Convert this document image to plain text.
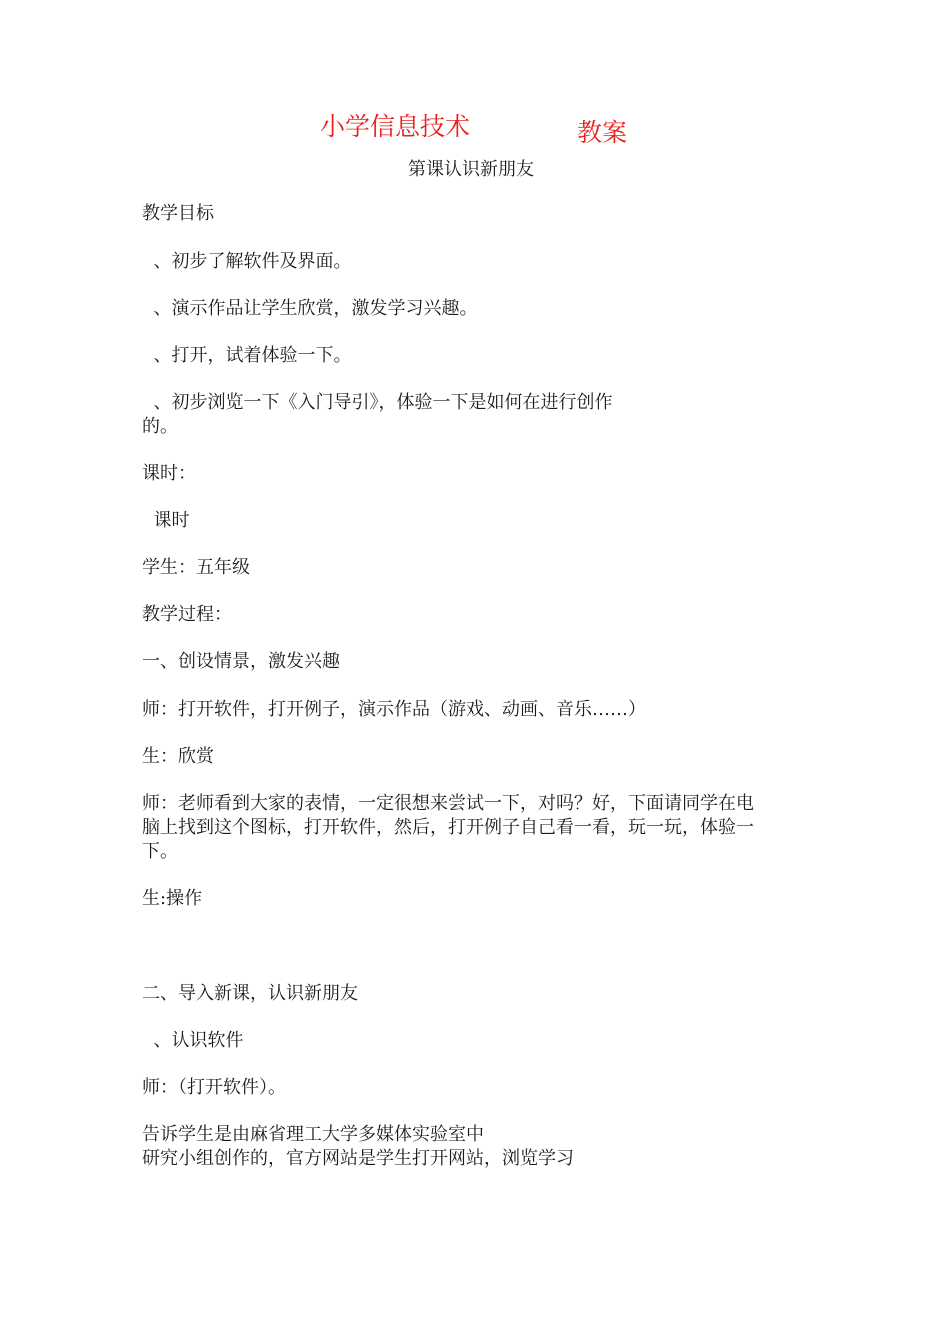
小学信息技术	教案
第课认识新朋友
教学目标
、初步了解软件及界面。
、演示作品让学生欣赏，激发学习兴趣。
、打开，试着体验一下。
、初步浏览一下《入门导引》，体验一下是如何在进行创作
的。
课时：
课时
学生：五年级
教学过程：
一、创设情景，激发兴趣
师：打开软件，打开例子，演示作品（游戏、动画、音乐……）
生：欣赏
师：老师看到大家的表情，一定很想来尝试一下，对吗？好，下面请同学在电
脑上找到这个图标，打开软件，然后，打开例子自己看一看，玩一玩，体验一
下。
生:操作
二、导入新课，认识新朋友
、认识软件
师：（打开软件）。
告诉学生是由麻省理工大学多媒体实验室中
研究小组创作的，官方网站是学生打开网站，浏览学习
